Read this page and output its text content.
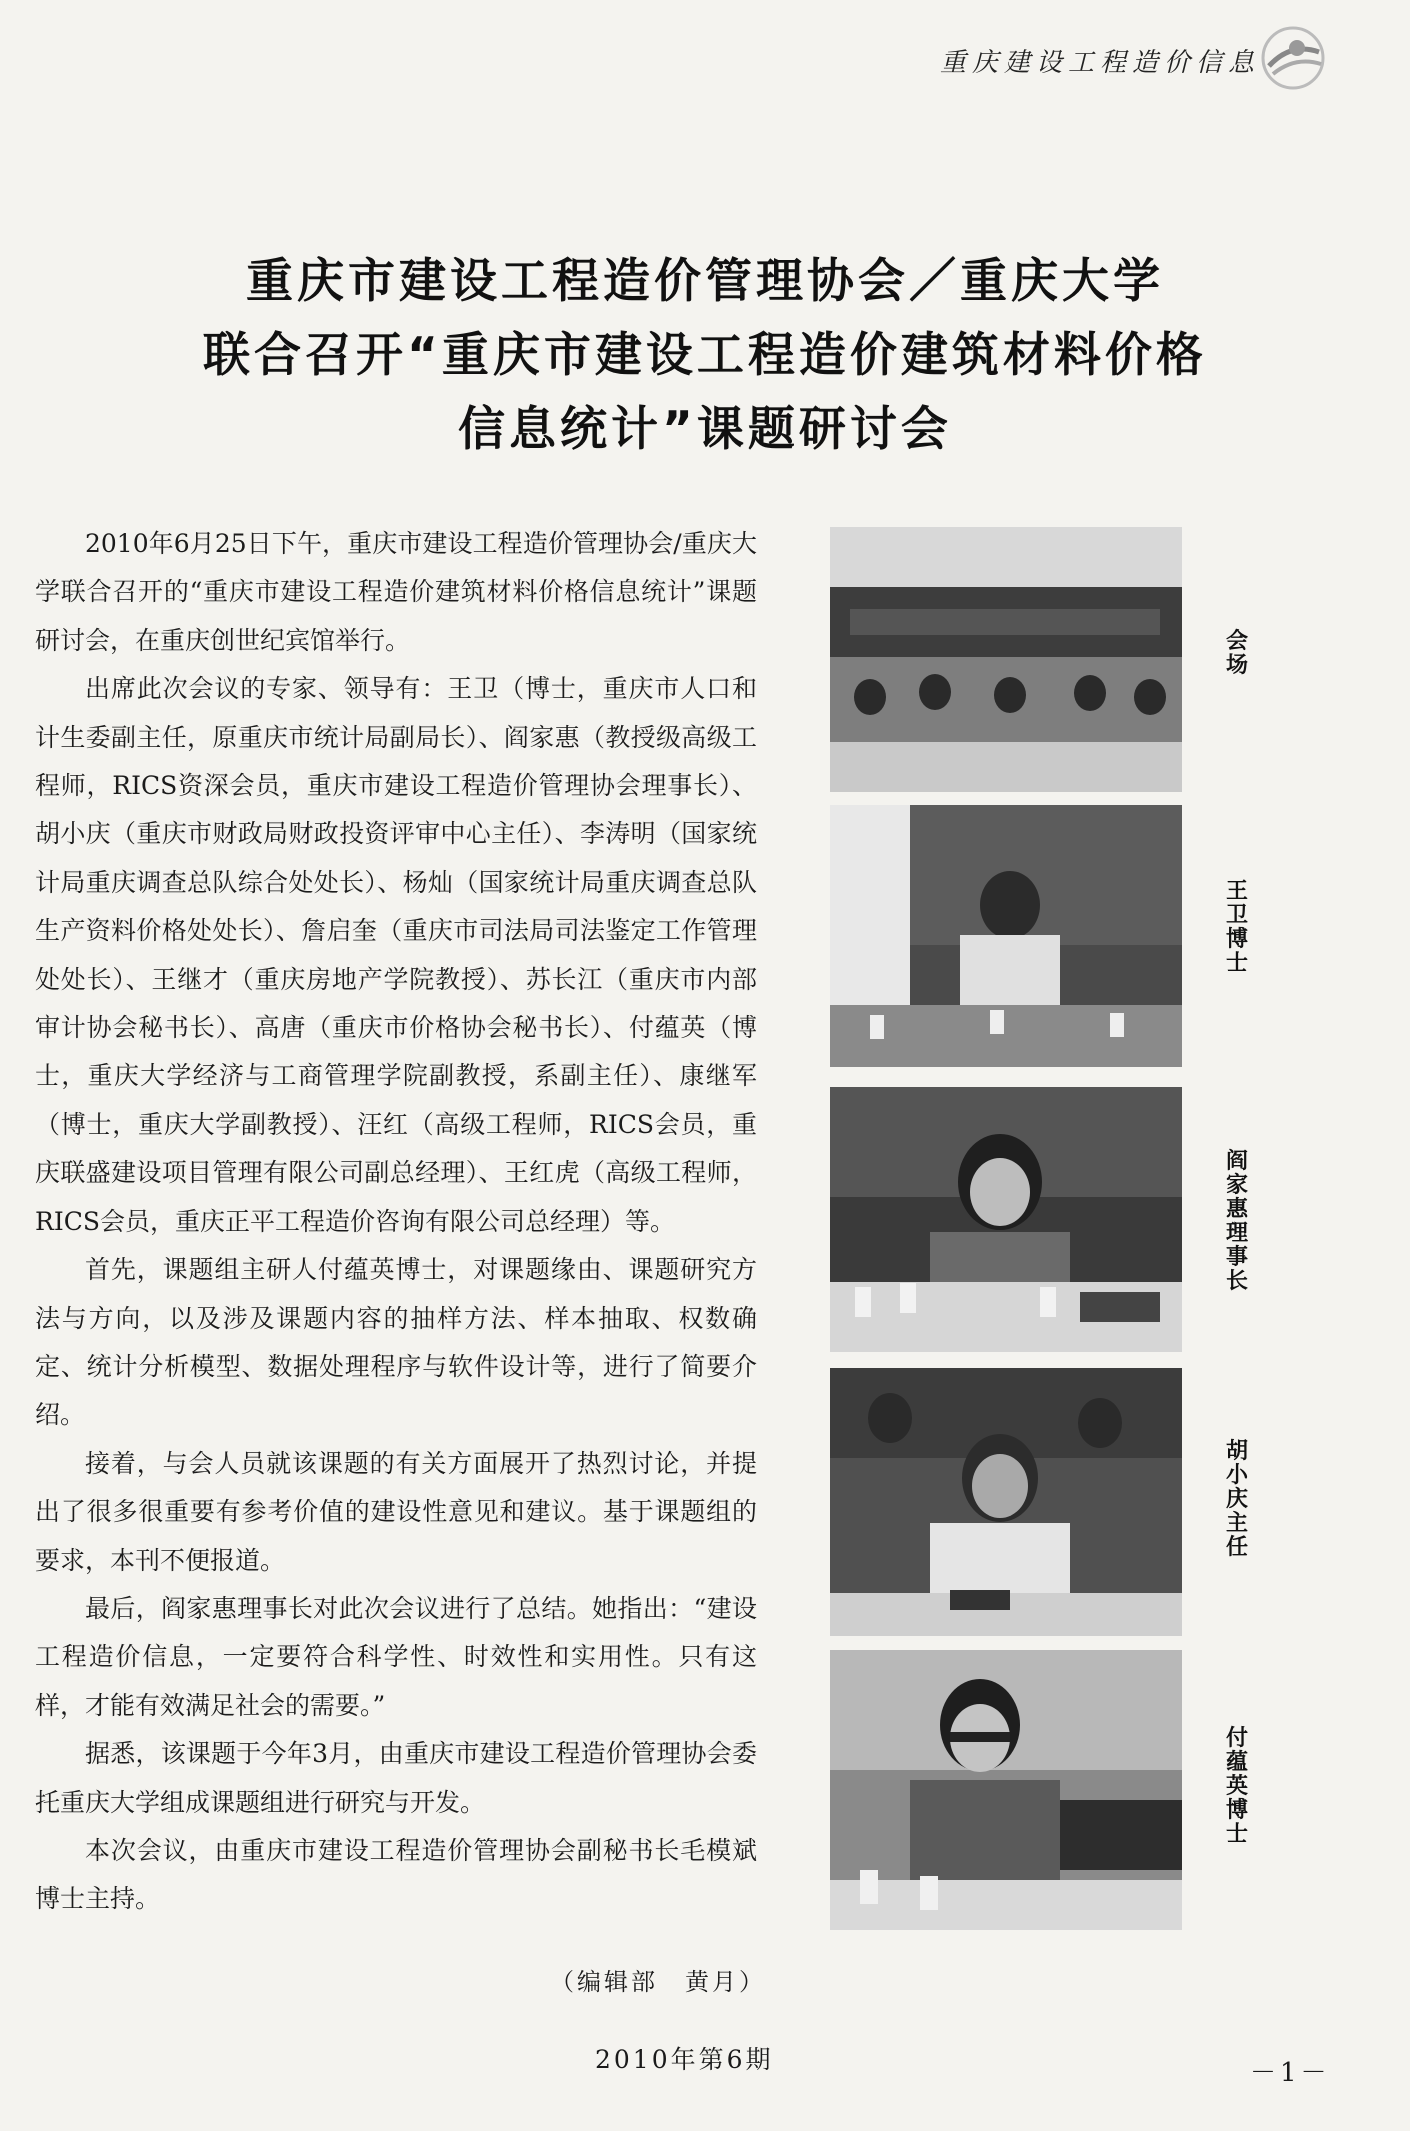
重庆建设工程造价信息
重庆市建设工程造价管理协会／重庆大学
联合召开“重庆市建设工程造价建筑材料价格
信息统计”课题研讨会

2010年6月25日下午，重庆市建设工程造价管理协会/重庆大学联合召开的“重庆市建设工程造价建筑材料价格信息统计”课题研讨会，在重庆创世纪宾馆举行。

出席此次会议的专家、领导有：王卫（博士，重庆市人口和计生委副主任，原重庆市统计局副局长）、阎家惠（教授级高级工程师，RICS资深会员，重庆市建设工程造价管理协会理事长）、胡小庆（重庆市财政局财政投资评审中心主任）、李涛明（国家统计局重庆调查总队综合处处长）、杨灿（国家统计局重庆调查总队生产资料价格处处长）、詹启奎（重庆市司法局司法鉴定工作管理处处长）、王继才（重庆房地产学院教授）、苏长江（重庆市内部审计协会秘书长）、高唐（重庆市价格协会秘书长）、付蕴英（博士，重庆大学经济与工商管理学院副教授，系副主任）、康继军（博士，重庆大学副教授）、汪红（高级工程师，RICS会员，重庆联盛建设项目管理有限公司副总经理）、王红虎（高级工程师，RICS会员，重庆正平工程造价咨询有限公司总经理）等。

首先，课题组主研人付蕴英博士，对课题缘由、课题研究方法与方向，以及涉及课题内容的抽样方法、样本抽取、权数确定、统计分析模型、数据处理程序与软件设计等，进行了简要介绍。

接着，与会人员就该课题的有关方面展开了热烈讨论，并提出了很多很重要有参考价值的建设性意见和建议。基于课题组的要求，本刊不便报道。

最后，阎家惠理事长对此次会议进行了总结。她指出：“建设工程造价信息，一定要符合科学性、时效性和实用性。只有这样，才能有效满足社会的需要。”

据悉，该课题于今年3月，由重庆市建设工程造价管理协会委托重庆大学组成课题组进行研究与开发。

本次会议，由重庆市建设工程造价管理协会副秘书长毛模斌博士主持。

（编辑部　黄月）
会场
王卫博士
阎家惠理事长
胡小庆主任
付蕴英博士
2010年第6期	－1－
